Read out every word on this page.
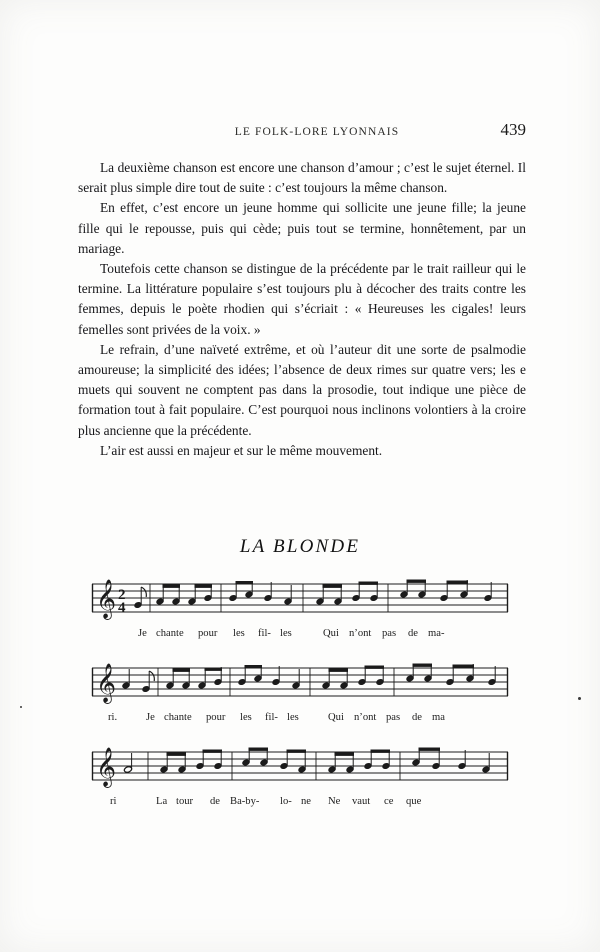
LE FOLK-LORE LYONNAIS	439

La deuxième chanson est encore une chanson d’amour ; c’est le sujet éternel. Il serait plus simple dire tout de suite : c’est toujours la même chanson.

En effet, c’est encore un jeune homme qui sollicite une jeune fille; la jeune fille qui le repousse, puis qui cède; puis tout se termine, honnêtement, par un mariage.

Toutefois cette chanson se distingue de la précédente par le trait railleur qui le termine. La littérature populaire s’est toujours plu à décocher des traits contre les femmes, depuis le poète rhodien qui s’écriait : « Heureuses les cigales! leurs femelles sont privées de la voix. »

Le refrain, d’une naïveté extrême, et où l’auteur dit une sorte de psalmodie amoureuse; la simplicité des idées; l’absence de deux rimes sur quatre vers; les e muets qui souvent ne comptent pas dans la prosodie, tout indique une pièce de formation tout à fait populaire. C’est pourquoi nous inclinons volontiers à la croire plus ancienne que la précédente.

L’air est aussi en majeur et sur le même mouvement.

LA BLONDE
𝄞 2
4
Je chante pour les fil- les	Qui n’ont pas de ma-
𝄞
ri.	Je chante pour les fil- les	Qui n’ont pas de ma
𝄞
ri	La tour de Ba-by- lo- ne Ne vaut ce que
